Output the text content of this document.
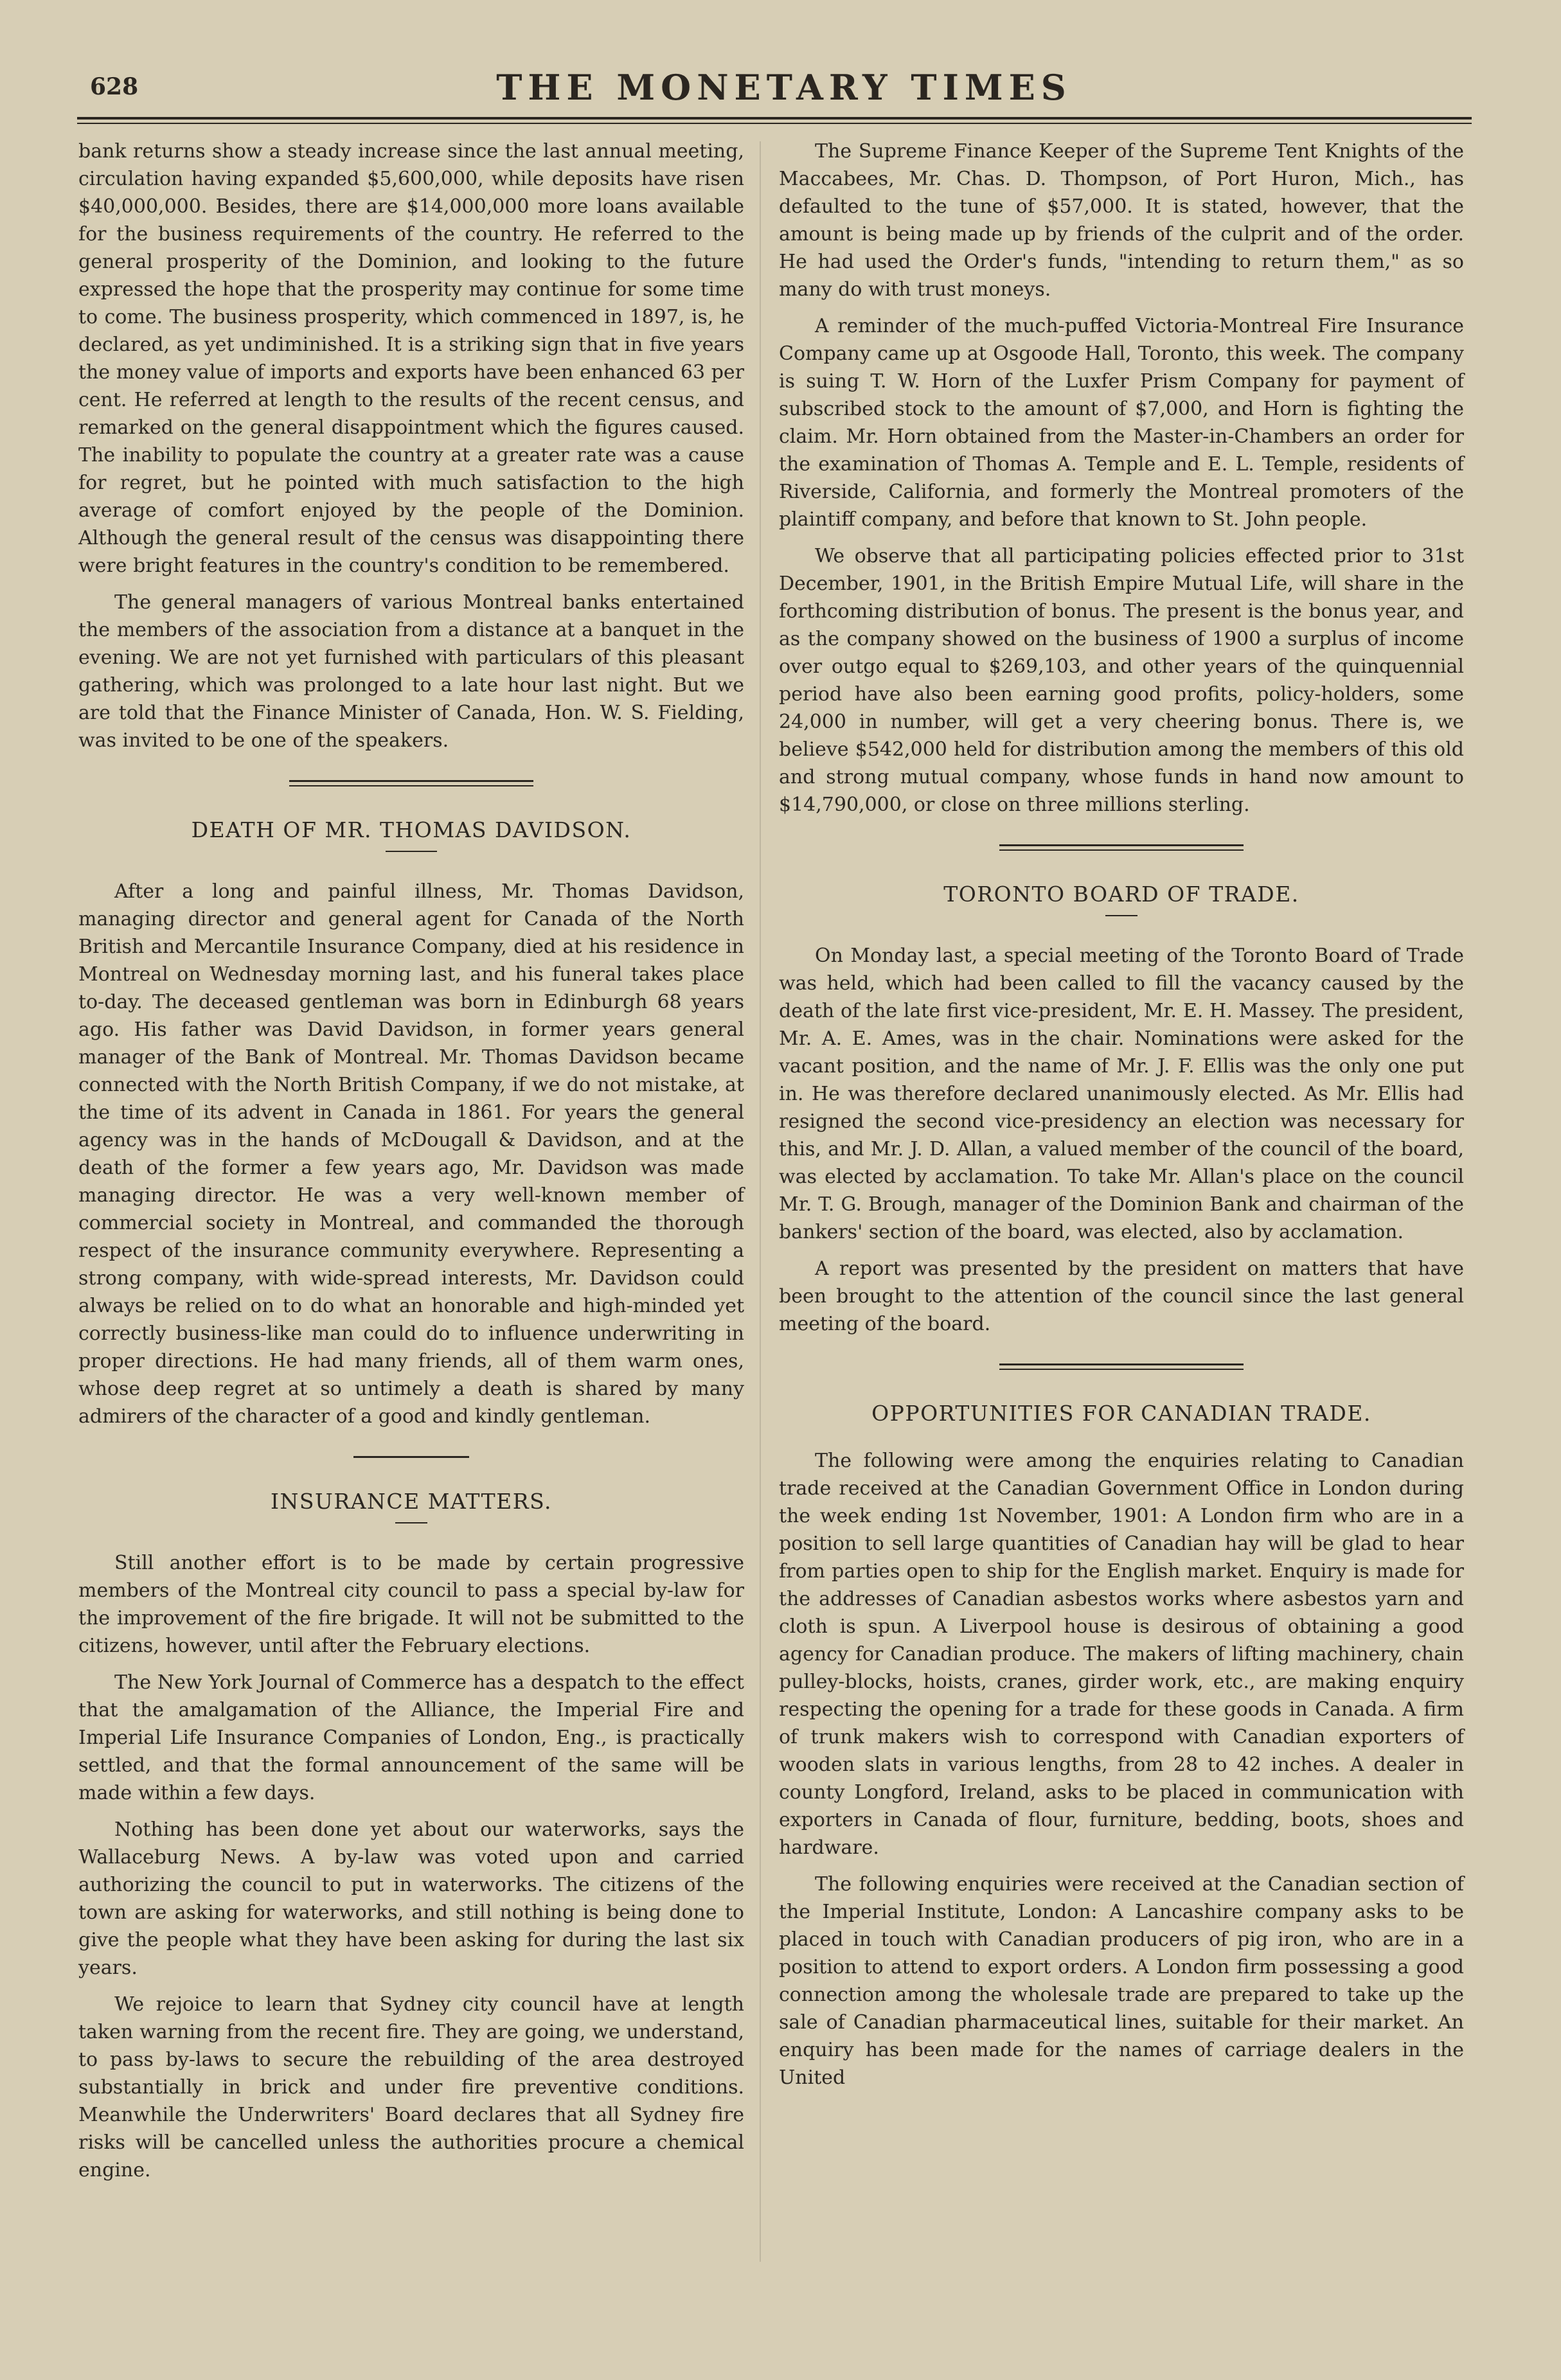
628	THE MONETARY TIMES

bank returns show a steady increase since the last annual meeting, circulation having expanded $5,600,000, while deposits have risen $40,000,000. Besides, there are $14,000,000 more loans available for the business requirements of the country. He referred to the general prosperity of the Dominion, and looking to the future expressed the hope that the prosperity may continue for some time to come. The business prosperity, which commenced in 1897, is, he declared, as yet undiminished. It is a striking sign that in five years the money value of imports and exports have been enhanced 63 per cent. He referred at length to the results of the recent census, and remarked on the general disappointment which the figures caused. The inability to populate the country at a greater rate was a cause for regret, but he pointed with much satisfaction to the high average of comfort enjoyed by the people of the Dominion. Although the general result of the census was disappointing there were bright features in the country's condition to be remembered.

The general managers of various Montreal banks entertained the members of the association from a distance at a banquet in the evening. We are not yet furnished with particulars of this pleasant gathering, which was prolonged to a late hour last night. But we are told that the Finance Minister of Canada, Hon. W. S. Fielding, was invited to be one of the speakers.

DEATH OF MR. THOMAS DAVIDSON.

After a long and painful illness, Mr. Thomas Davidson, managing director and general agent for Canada of the North British and Mercantile Insurance Company, died at his residence in Montreal on Wednesday morning last, and his funeral takes place to-day. The deceased gentleman was born in Edinburgh 68 years ago. His father was David Davidson, in former years general manager of the Bank of Montreal. Mr. Thomas Davidson became connected with the North British Company, if we do not mistake, at the time of its advent in Canada in 1861. For years the general agency was in the hands of McDougall & Davidson, and at the death of the former a few years ago, Mr. Davidson was made managing director. He was a very well-known member of commercial society in Montreal, and commanded the thorough respect of the insurance community everywhere. Representing a strong company, with wide-spread interests, Mr. Davidson could always be relied on to do what an honorable and high-minded yet correctly business-like man could do to influence underwriting in proper directions. He had many friends, all of them warm ones, whose deep regret at so untimely a death is shared by many admirers of the character of a good and kindly gentleman.

INSURANCE MATTERS.

Still another effort is to be made by certain progressive members of the Montreal city council to pass a special by-law for the improvement of the fire brigade. It will not be submitted to the citizens, however, until after the February elections.

The New York Journal of Commerce has a despatch to the effect that the amalgamation of the Alliance, the Imperial Fire and Imperial Life Insurance Companies of London, Eng., is practically settled, and that the formal announcement of the same will be made within a few days.

Nothing has been done yet about our waterworks, says the Wallaceburg News. A by-law was voted upon and carried authorizing the council to put in waterworks. The citizens of the town are asking for waterworks, and still nothing is being done to give the people what they have been asking for during the last six years.

We rejoice to learn that Sydney city council have at length taken warning from the recent fire. They are going, we understand, to pass by-laws to secure the rebuilding of the area destroyed substantially in brick and under fire preventive conditions. Meanwhile the Underwriters' Board declares that all Sydney fire risks will be cancelled unless the authorities procure a chemical engine.

The Supreme Finance Keeper of the Supreme Tent Knights of the Maccabees, Mr. Chas. D. Thompson, of Port Huron, Mich., has defaulted to the tune of $57,000. It is stated, however, that the amount is being made up by friends of the culprit and of the order. He had used the Order's funds, "intending to return them," as so many do with trust moneys.

A reminder of the much-puffed Victoria-Montreal Fire Insurance Company came up at Osgoode Hall, Toronto, this week. The company is suing T. W. Horn of the Luxfer Prism Company for payment of subscribed stock to the amount of $7,000, and Horn is fighting the claim. Mr. Horn obtained from the Master-in-Chambers an order for the examination of Thomas A. Temple and E. L. Temple, residents of Riverside, California, and formerly the Montreal promoters of the plaintiff company, and before that known to St. John people.

We observe that all participating policies effected prior to 31st December, 1901, in the British Empire Mutual Life, will share in the forthcoming distribution of bonus. The present is the bonus year, and as the company showed on the business of 1900 a surplus of income over outgo equal to $269,103, and other years of the quinquennial period have also been earning good profits, policy-holders, some 24,000 in number, will get a very cheering bonus. There is, we believe $542,000 held for distribution among the members of this old and strong mutual company, whose funds in hand now amount to $14,790,000, or close on three millions sterling.

TORONTO BOARD OF TRADE.

On Monday last, a special meeting of the Toronto Board of Trade was held, which had been called to fill the vacancy caused by the death of the late first vice-president, Mr. E. H. Massey. The president, Mr. A. E. Ames, was in the chair. Nominations were asked for the vacant position, and the name of Mr. J. F. Ellis was the only one put in. He was therefore declared unanimously elected. As Mr. Ellis had resigned the second vice-presidency an election was necessary for this, and Mr. J. D. Allan, a valued member of the council of the board, was elected by acclamation. To take Mr. Allan's place on the council Mr. T. G. Brough, manager of the Dominion Bank and chairman of the bankers' section of the board, was elected, also by acclamation.

A report was presented by the president on matters that have been brought to the attention of the council since the last general meeting of the board.

OPPORTUNITIES FOR CANADIAN TRADE.

The following were among the enquiries relating to Canadian trade received at the Canadian Government Office in London during the week ending 1st November, 1901: A London firm who are in a position to sell large quantities of Canadian hay will be glad to hear from parties open to ship for the English market. Enquiry is made for the addresses of Canadian asbestos works where asbestos yarn and cloth is spun. A Liverpool house is desirous of obtaining a good agency for Canadian produce. The makers of lifting machinery, chain pulley-blocks, hoists, cranes, girder work, etc., are making enquiry respecting the opening for a trade for these goods in Canada. A firm of trunk makers wish to correspond with Canadian exporters of wooden slats in various lengths, from 28 to 42 inches. A dealer in county Longford, Ireland, asks to be placed in communication with exporters in Canada of flour, furniture, bedding, boots, shoes and hardware.

The following enquiries were received at the Canadian section of the Imperial Institute, London: A Lancashire company asks to be placed in touch with Canadian producers of pig iron, who are in a position to attend to export orders. A London firm possessing a good connection among the wholesale trade are prepared to take up the sale of Canadian pharmaceutical lines, suitable for their market. An enquiry has been made for the names of carriage dealers in the United
